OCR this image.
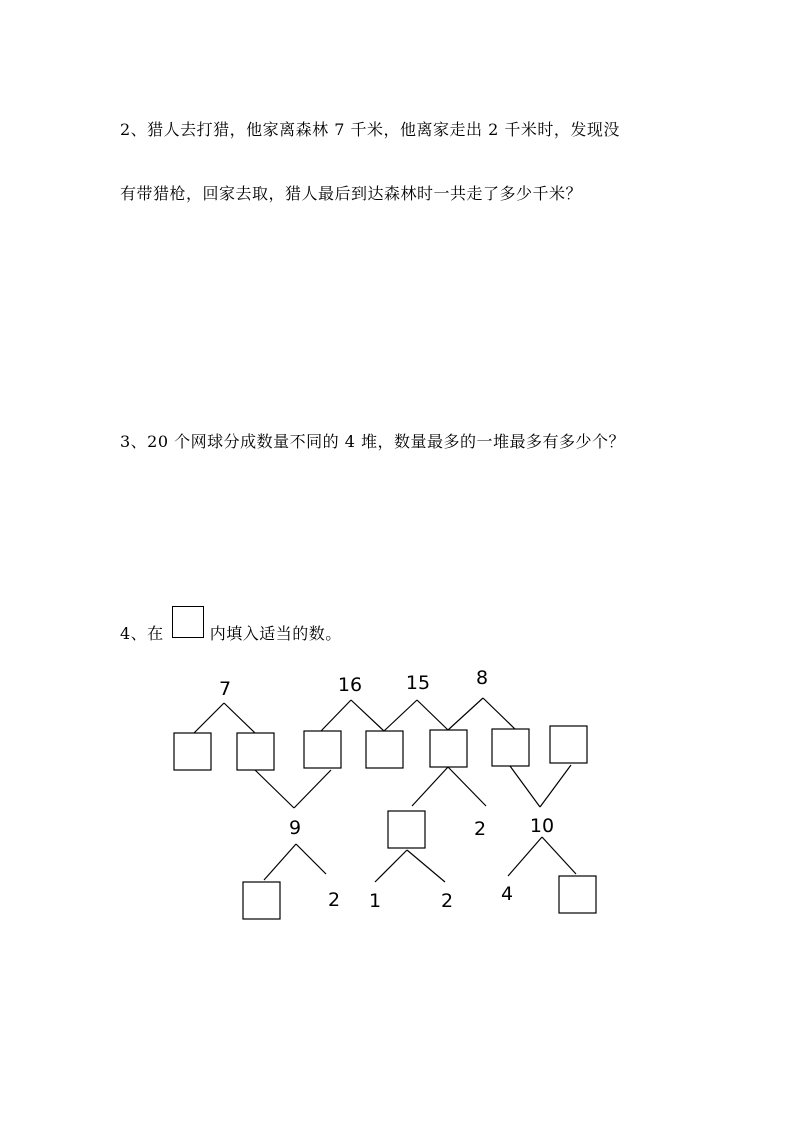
2、猎人去打猎，他家离森林 7 千米，他离家走出 2 千米时，发现没
有带猎枪，回家去取，猎人最后到达森林时一共走了多少千米？
3、20 个网球分成数量不同的 4 堆，数量最多的一堆最多有多少个？
4、在	内填入适当的数。
7	16 15 8
9	2 10
2 1	2	4
